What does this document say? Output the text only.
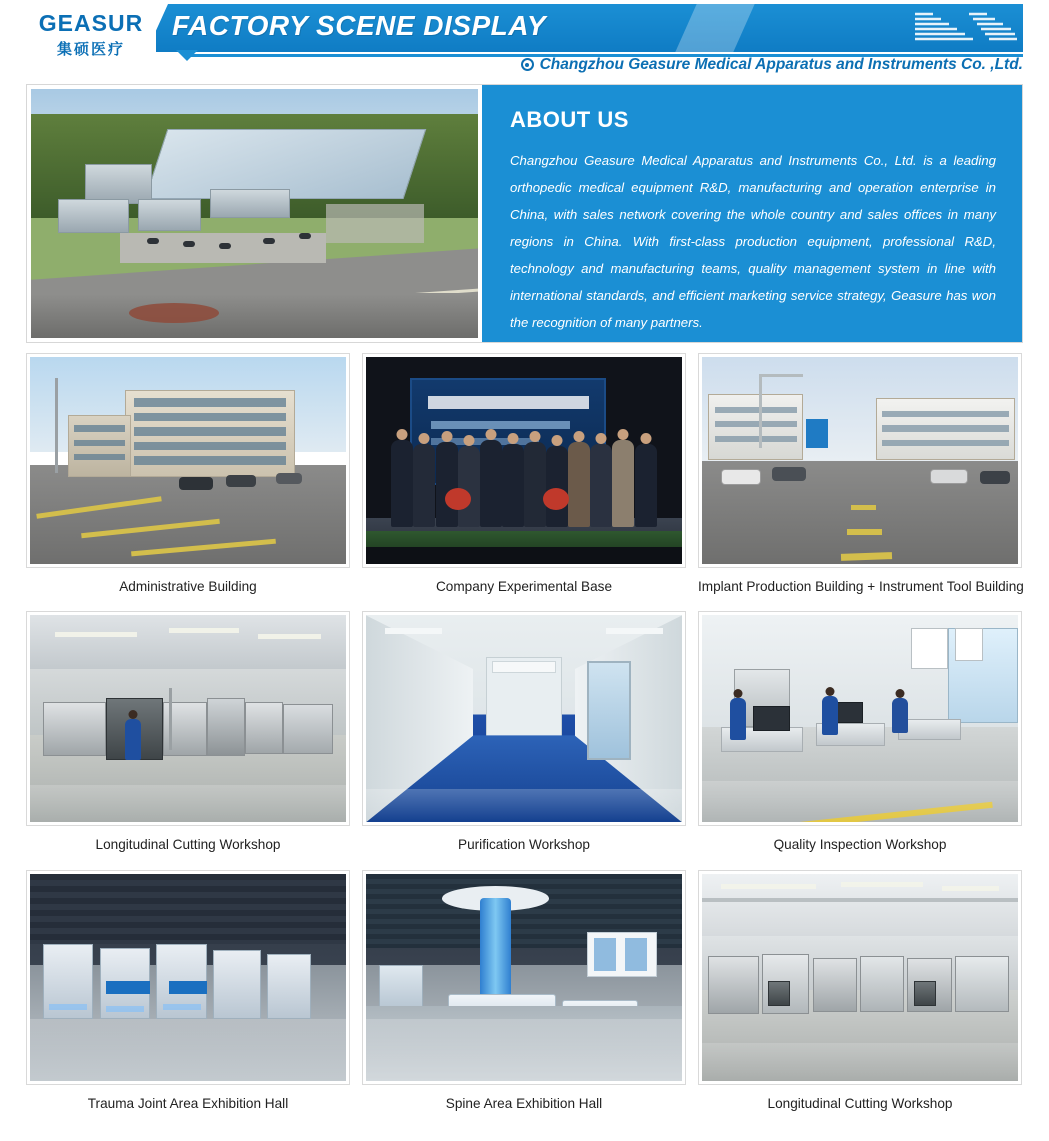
GEASUR
集硕医疗
FACTORY SCENE DISPLAY
Changzhou Geasure Medical Apparatus and Instruments Co. ,Ltd.
ABOUT US
Changzhou Geasure Medical Apparatus and Instruments Co., Ltd. is a leading orthopedic medical equipment R&D, manufacturing and operation enterprise in China, with sales network covering the whole country and sales offices in many regions in China. With first-class production equipment, professional R&D, technology and manufacturing teams, quality management system in line with international standards, and efficient marketing service strategy, Geasure has won the recognition of many partners.
Administrative Building	Company Experimental Base	Implant Production Building + Instrument Tool Building
Longitudinal Cutting Workshop	Purification Workshop	Quality Inspection Workshop
Trauma Joint Area Exhibition Hall	Spine Area Exhibition Hall	Longitudinal Cutting Workshop
